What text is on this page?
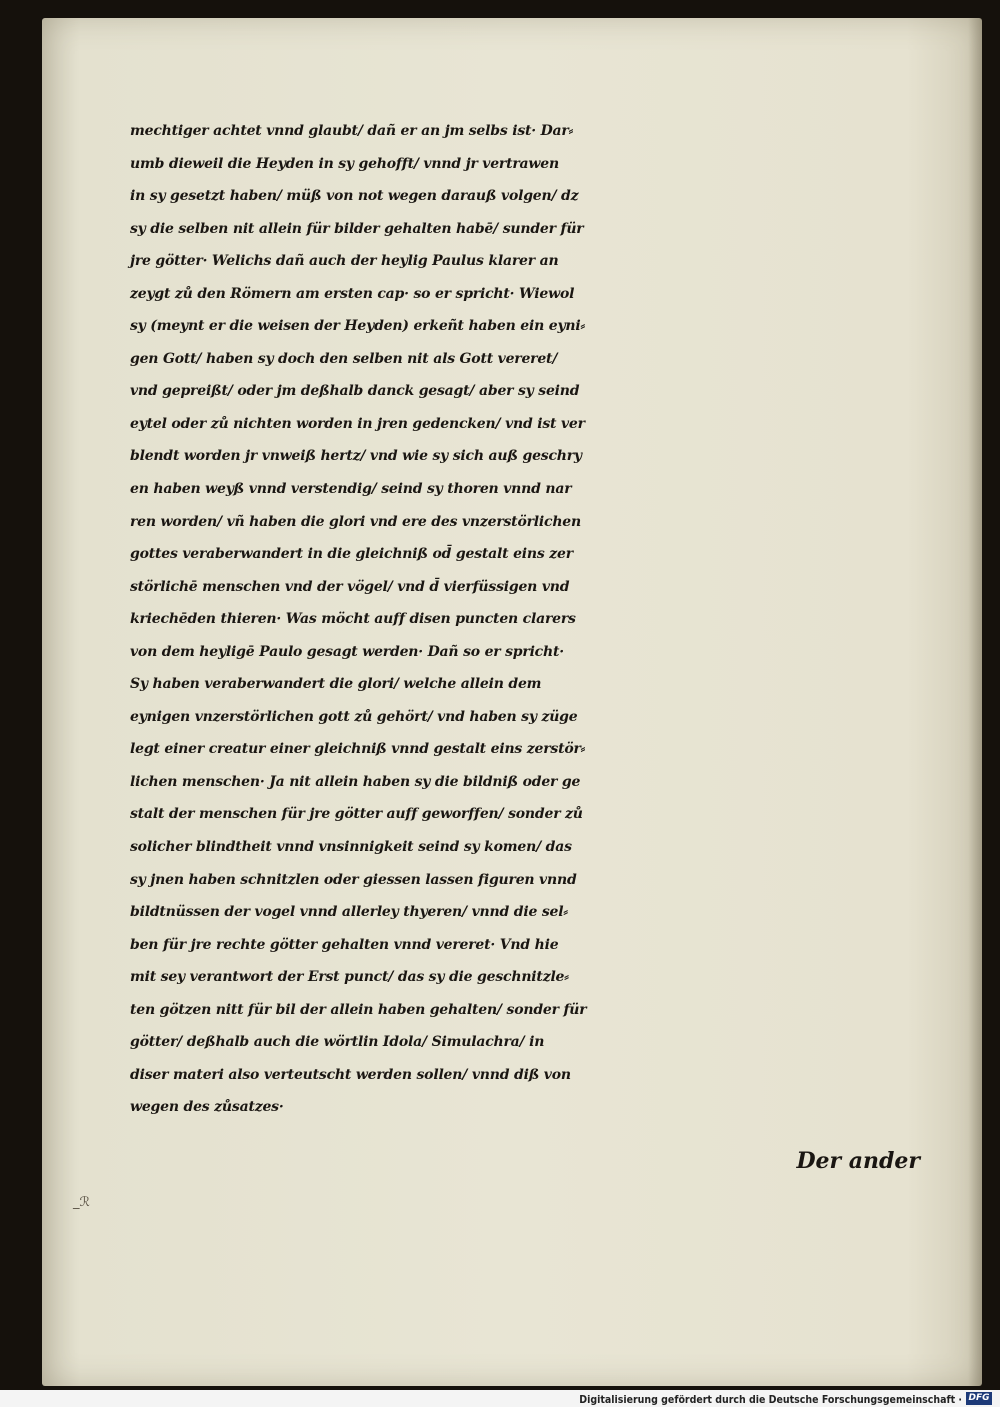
mechtiger achtet vnnd glaubt/ dañ er an jm selbs ist· Dar⸗
umb dieweil die Heyden in sy gehofft/ vnnd jr vertrawen
in sy gesetzt haben/ müß von not wegen darauß volgen/ dz
sy die selben nit allein für bilder gehalten habē/ sunder für
jre götter· Welichs dañ auch der heylig Paulus klarer an
zeygt zů den Römern am ersten cap· so er spricht· Wiewol
sy (meynt er die weisen der Heyden) erkeñt haben ein eyni⸗
gen Gott/ haben sy doch den selben nit als Gott vereret/
vnd gepreißt/ oder jm deßhalb danck gesagt/ aber sy seind
eytel oder zů nichten worden in jren gedencken/ vnd ist ver
blendt worden jr vnweiß hertz/ vnd wie sy sich auß geschry
en haben weyß vnnd verstendig/ seind sy thoren vnnd nar
ren worden/ vñ haben die glori vnd ere des vnzerstörlichen
gottes veraberwandert in die gleichniß od̄ gestalt eins zer
störlichē menschen vnd der vögel/ vnd d̄ vierfüssigen vnd
kriechēden thieren· Was möcht auff disen puncten clarers
von dem heyligē Paulo gesagt werden· Dañ so er spricht·
Sy haben veraberwandert die glori/ welche allein dem
eynigen vnzerstörlichen gott zů gehört/ vnd haben sy züge
legt einer creatur einer gleichniß vnnd gestalt eins zerstör⸗
lichen menschen· Ja nit allein haben sy die bildniß oder ge
stalt der menschen für jre götter auff geworffen/ sonder zů
solicher blindtheit vnnd vnsinnigkeit seind sy komen/ das
sy jnen haben schnitzlen oder giessen lassen figuren vnnd
bildtnüssen der vogel vnnd allerley thyeren/ vnnd die sel⸗
ben für jre rechte götter gehalten vnnd vereret· Vnd hie
mit sey verantwort der Erst punct/ das sy die geschnitzle⸗
ten götzen nitt für bil der allein haben gehalten/ sonder für
götter/ deßhalb auch die wörtlin Idola/ Simulachra/ in
diser materi also verteutscht werden sollen/ vnnd diß von
wegen des zůsatzes·
Der ander
_ℛ
Digitalisierung gefördert durch die Deutsche Forschungsgemeinschaft · DFG
